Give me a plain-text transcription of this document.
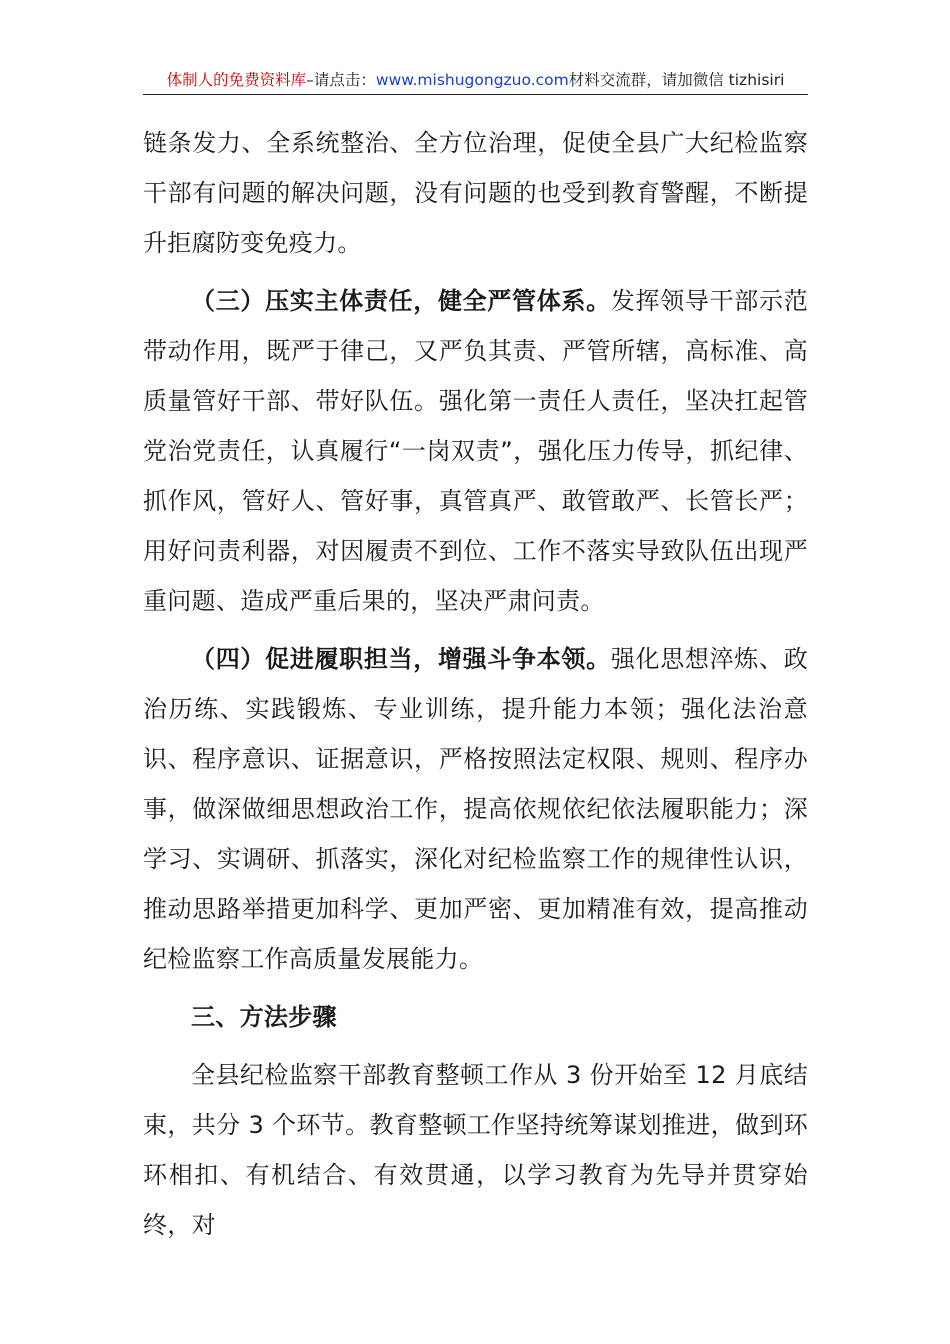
体制人的免费资料库–请点击：www.mishugongzuo.com材料交流群，请加微信 tizhisiri

链条发力、全系统整治、全方位治理，促使全县广大纪检监察干部有问题的解决问题，没有问题的也受到教育警醒，不断提升拒腐防变免疫力。

（三）压实主体责任，健全严管体系。发挥领导干部示范带动作用，既严于律己，又严负其责、严管所辖，高标准、高质量管好干部、带好队伍。强化第一责任人责任，坚决扛起管党治党责任，认真履行“一岗双责”，强化压力传导，抓纪律、抓作风，管好人、管好事，真管真严、敢管敢严、长管长严；用好问责利器，对因履责不到位、工作不落实导致队伍出现严重问题、造成严重后果的，坚决严肃问责。

（四）促进履职担当，增强斗争本领。强化思想淬炼、政治历练、实践锻炼、专业训练，提升能力本领；强化法治意识、程序意识、证据意识，严格按照法定权限、规则、程序办事，做深做细思想政治工作，提高依规依纪依法履职能力；深学习、实调研、抓落实，深化对纪检监察工作的规律性认识，推动思路举措更加科学、更加严密、更加精准有效，提高推动纪检监察工作高质量发展能力。

三、方法步骤

全县纪检监察干部教育整顿工作从 3 份开始至 12 月底结束，共分 3 个环节。教育整顿工作坚持统筹谋划推进，做到环环相扣、有机结合、有效贯通，以学习教育为先导并贯穿始终，对
